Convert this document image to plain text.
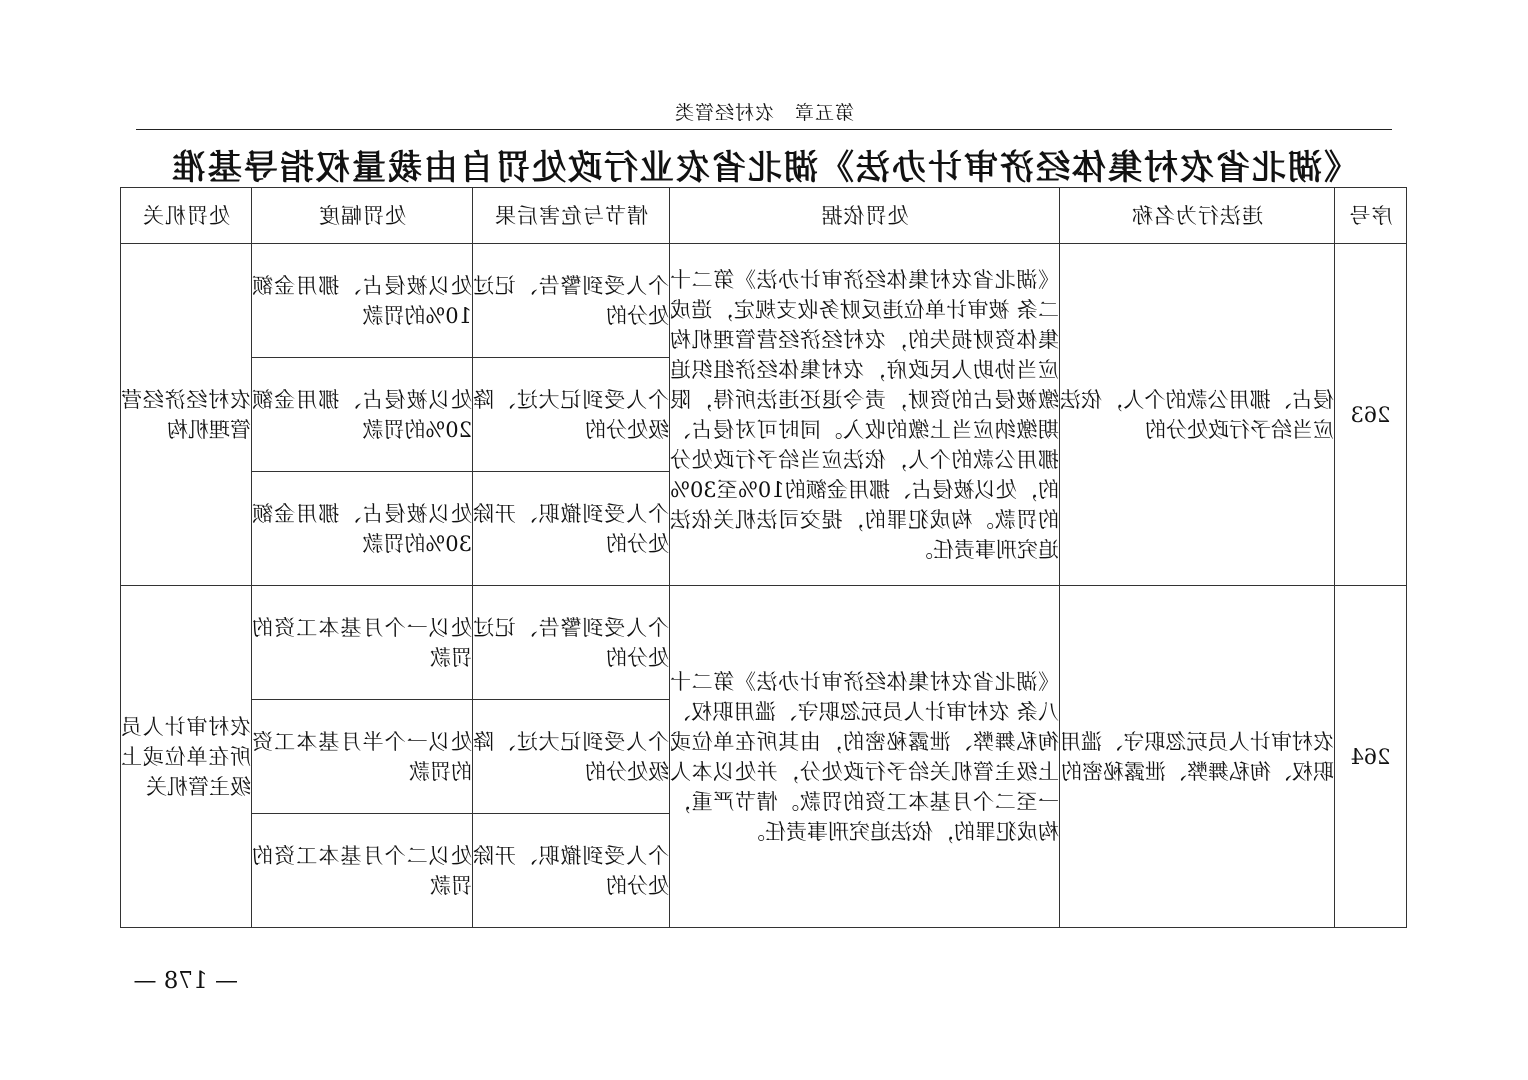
第五章　农村经管类
《湖北省农村集体经济审计办法》湖北省农业行政处罚自由裁量权指导基准
序号	违法行为名称	处罚依据	情节与危害后果	处罚幅度	处罚机关
263	侵占、挪用公款的个人，依法应当给予行政处分的	《湖北省农村集体经济审计办法》第二十二条 被审计单位违反财务收支规定，造成集体资财损失的，农村经济经营管理机构应当协助人民政府，农村集体经济组织追缴被侵占的资财，责令退还违法所得，限期缴纳应当上缴的收入。同时可对侵占、挪用公款的个人，依法应当给予行政处分的，处以被侵占、挪用金额的10%至30%的罚款。构成犯罪的，提交司法机关依法追究刑事责任。	个人受到警告、记过处分的	处以被侵占、挪用金额10%的罚款	农村经济经营管理机构
			个人受到记大过、降级处分的	处以被侵占、挪用金额20%的罚款	
			个人受到撤职、开除处分的	处以被侵占、挪用金额30%的罚款	
264	农村审计人员玩忽职守、滥用职权、徇私舞弊、泄露秘密的	《湖北省农村集体经济审计办法》第二十八条 农村审计人员玩忽职守、滥用职权、徇私舞弊、泄露秘密的，由其所在单位或上级主管机关给予行政处分，并处以本人一至二个月基本工资的罚款。情节严重，构成犯罪的，依法追究刑事责任。	个人受到警告、记过处分的	处以一个月基本工资的罚款	农村审计人员所在单位或上级主管机关
			个人受到记大过、降级处分的	处以一个半月基本工资的罚款	
			个人受到撤职、开除处分的	处以二个月基本工资的罚款	
— 178 —
